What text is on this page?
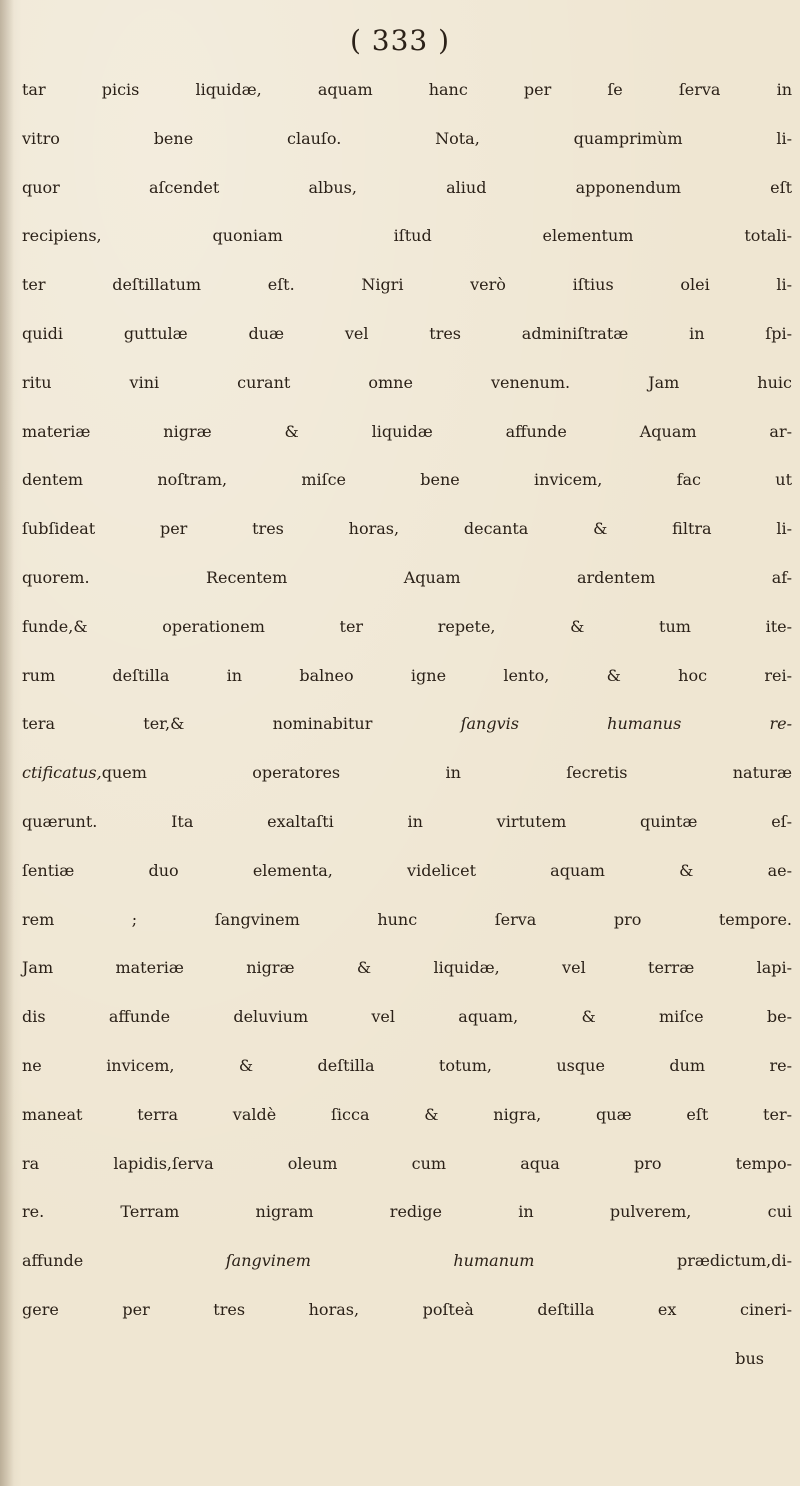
( 333 )
tar picis liquidæ, aquam hanc per ſe ſerva in
vitro bene clauſo. Nota, quamprimùm li-
quor aſcendet albus, aliud apponendum eſt
recipiens, quoniam iſtud elementum totali-
ter deſtillatum eſt. Nigri verò iſtius olei li-
quidi guttulæ duæ vel tres adminiſtratæ in ſpi-
ritu vini curant omne venenum. Jam huic
materiæ nigræ & liquidæ affunde Aquam ar-
dentem noſtram, miſce bene invicem, fac ut
ſubſideat per tres horas, decanta & filtra li-
quorem. Recentem Aquam ardentem af-
funde,& operationem ter repete, & tum ite-
rum deſtilla in balneo igne lento, & hoc rei-
tera ter,& nominabitur ſangvis humanus re-
ctificatus,quem operatores in ſecretis naturæ
quærunt. Ita exaltaſti in virtutem quintæ eſ-
ſentiæ duo elementa, videlicet aquam & ae-
rem ; ſangvinem hunc ſerva pro tempore.
Jam materiæ nigræ & liquidæ, vel terræ lapi-
dis affunde deluvium vel aquam, & miſce be-
ne invicem, & deſtilla totum, usque dum re-
maneat terra valdè ſicca & nigra, quæ eſt ter-
ra lapidis,ſerva oleum cum aqua pro tempo-
re. Terram nigram redige in pulverem, cui
affunde ſangvinem humanum prædictum,di-
gere per tres horas, poſteà deſtilla ex cineri-
bus
